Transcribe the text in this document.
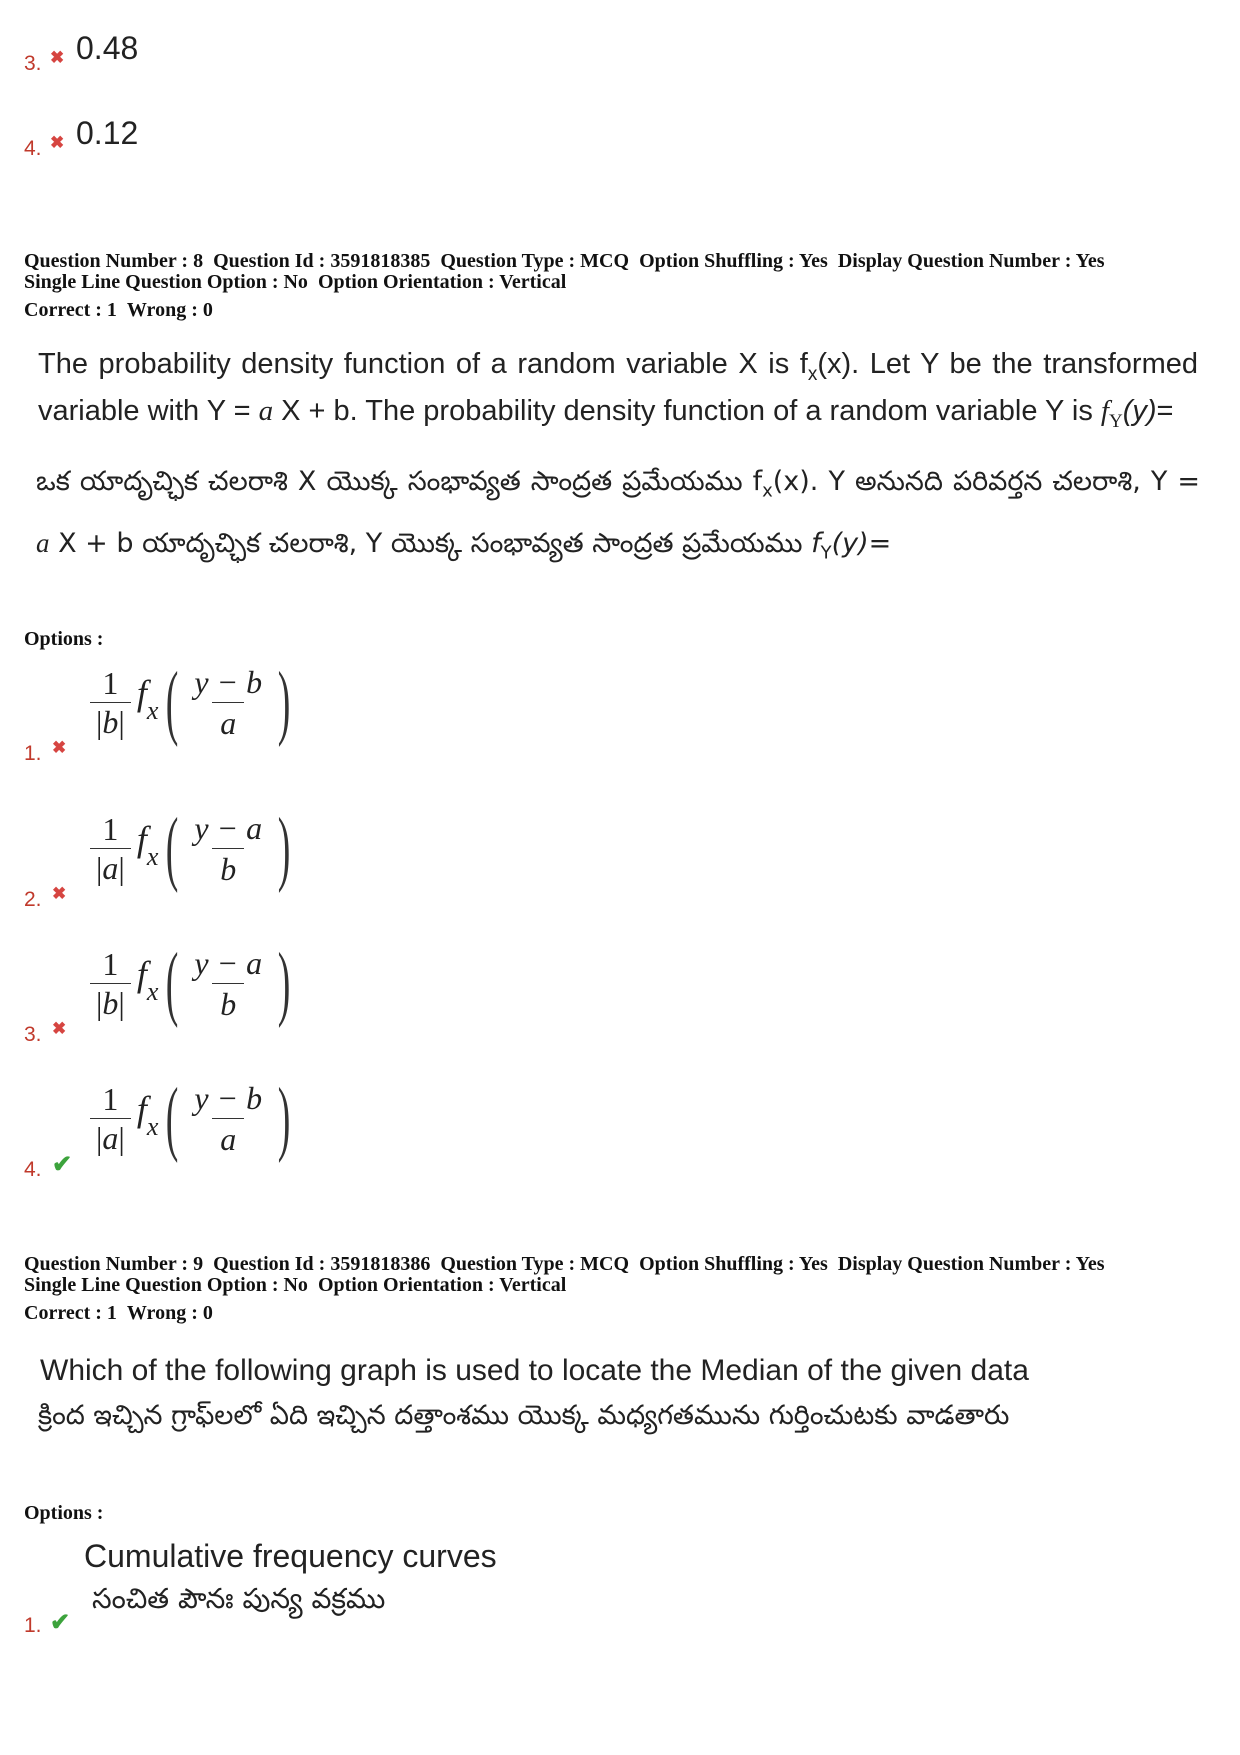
3. ✖ 0.48
4. ✖ 0.12
Question Number : 8 Question Id : 3591818385 Question Type : MCQ Option Shuffling : Yes Display Question Number : Yes
Single Line Question Option : No Option Orientation : Vertical
Correct : 1 Wrong : 0
The probability density function of a random variable X is $f_x(x)$. Let Y be the transformed variable with Y = a X + b. The probability density function of a random variable Y is $f_Y(y)=$
ఒక యాదృచ్ఛిక చలరాశి X యొక్క సంభావ్యత సాంద్రత ప్రమేయము $f_x(x)$. Y అనునది పరివర్తన చలరాశి, Y = a X + b యాదృచ్ఛిక చలరాశి, Y యొక్క సంభావ్యత సాంద్రత ప్రమేయము $f_Y(y)=$
Options :
1. ✖
$\frac{1}{|b|} f_x$ ( $\frac{y - b}{a}$ )
2. ✖
$\frac{1}{|a|} f_x$ ( $\frac{y - a}{b}$ )
3. ✖
$\frac{1}{|b|} f_x$ ( $\frac{y - a}{b}$ )
4. ✔
$\frac{1}{|a|} f_x$ ( $\frac{y - b}{a}$ )
Question Number : 9 Question Id : 3591818386 Question Type : MCQ Option Shuffling : Yes Display Question Number : Yes
Single Line Question Option : No Option Orientation : Vertical
Correct : 1 Wrong : 0
Which of the following graph is used to locate the Median of the given data
క్రింద ఇచ్చిన గ్రాఫ్‌లలో ఏది ఇచ్చిన దత్తాంశము యొక్క మధ్యగతమును గుర్తించుటకు వాడతారు
Options :
Cumulative frequency curves
సంచిత పౌనః పున్య వక్రము
1. ✔
